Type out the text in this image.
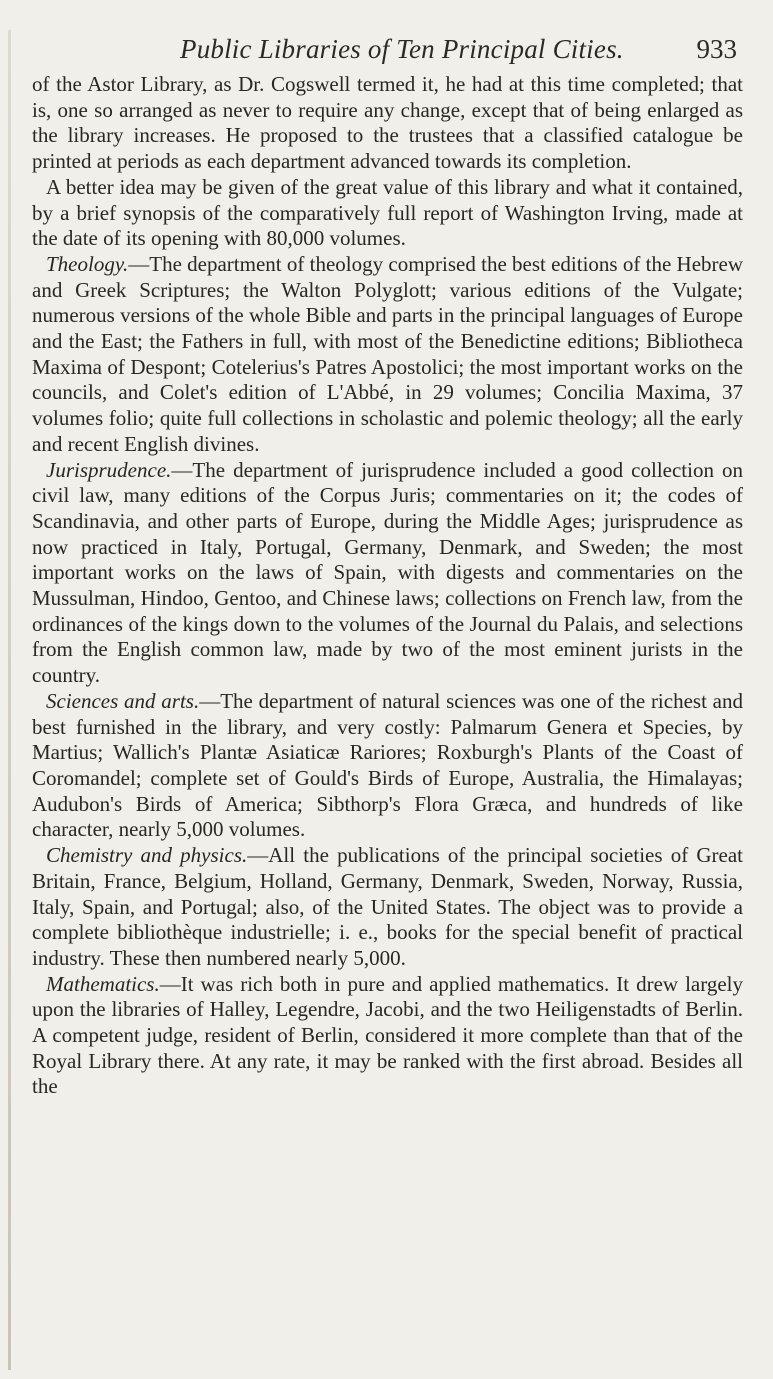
Public Libraries of Ten Principal Cities.	933

of the Astor Library, as Dr. Cogswell termed it, he had at this time completed; that is, one so arranged as never to require any change, except that of being enlarged as the library increases. He proposed to the trustees that a classified catalogue be printed at periods as each department advanced towards its completion.

A better idea may be given of the great value of this library and what it contained, by a brief synopsis of the comparatively full report of Washington Irving, made at the date of its opening with 80,000 volumes.

Theology.—The department of theology comprised the best editions of the Hebrew and Greek Scriptures; the Walton Polyglott; various editions of the Vulgate; numerous versions of the whole Bible and parts in the principal languages of Europe and the East; the Fathers in full, with most of the Benedictine editions; Bibliotheca Maxima of Despont; Cotelerius's Patres Apostolici; the most important works on the councils, and Colet's edition of L'Abbé, in 29 volumes; Concilia Maxima, 37 volumes folio; quite full collections in scholastic and polemic theology; all the early and recent English divines.

Jurisprudence.—The department of jurisprudence included a good collection on civil law, many editions of the Corpus Juris; commentaries on it; the codes of Scandinavia, and other parts of Europe, during the Middle Ages; jurisprudence as now practiced in Italy, Portugal, Germany, Denmark, and Sweden; the most important works on the laws of Spain, with digests and commentaries on the Mussulman, Hindoo, Gentoo, and Chinese laws; collections on French law, from the ordinances of the kings down to the volumes of the Journal du Palais, and selections from the English common law, made by two of the most eminent jurists in the country.

Sciences and arts.—The department of natural sciences was one of the richest and best furnished in the library, and very costly: Palmarum Genera et Species, by Martius; Wallich's Plantæ Asiaticæ Rariores; Roxburgh's Plants of the Coast of Coromandel; complete set of Gould's Birds of Europe, Australia, the Himalayas; Audubon's Birds of America; Sibthorp's Flora Græca, and hundreds of like character, nearly 5,000 volumes.

Chemistry and physics.—All the publications of the principal societies of Great Britain, France, Belgium, Holland, Germany, Denmark, Sweden, Norway, Russia, Italy, Spain, and Portugal; also, of the United States. The object was to provide a complete bibliothèque industrielle; i. e., books for the special benefit of practical industry. These then numbered nearly 5,000.

Mathematics.—It was rich both in pure and applied mathematics. It drew largely upon the libraries of Halley, Legendre, Jacobi, and the two Heiligenstadts of Berlin. A competent judge, resident of Berlin, considered it more complete than that of the Royal Library there. At any rate, it may be ranked with the first abroad. Besides all the
